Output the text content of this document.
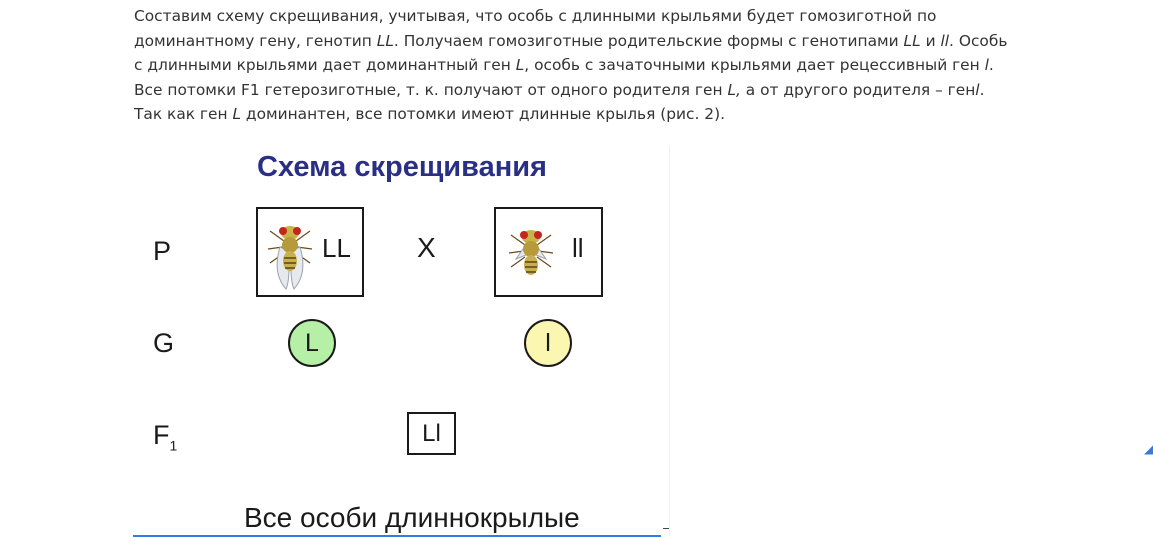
Составим схему скрещивания, учитывая, что особь с длинными крыльями будет гомозиготной по доминантному гену, генотип LL. Получаем гомозиготные родительские формы с генотипами LL и ll. Особь с длинными крыльями дает доминантный ген L, особь с зачаточными крыльями дает рецессивный ген l. Все потомки F1 гетерозиготные, т. к. получают от одного родителя ген L, а от другого родителя – генl. Так как ген L доминантен, все потомки имеют длинные крылья (рис. 2).

Схема скрещивания
P
G
$F_1$
LL X	ll
L	l
Ll
Все особи длиннокрылые
◢
